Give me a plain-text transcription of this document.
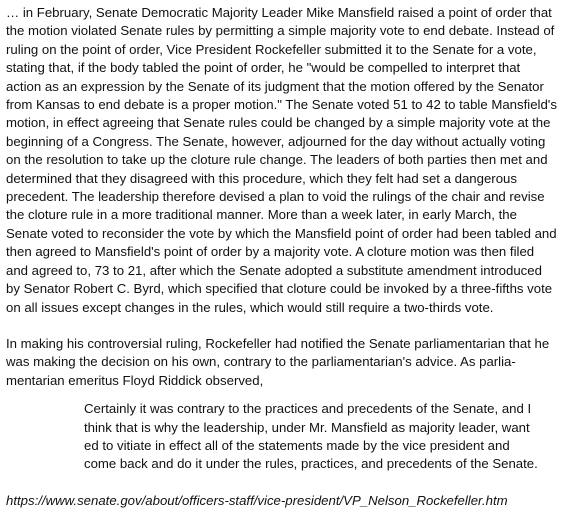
… in February, Senate Democratic Majority Leader Mike Mansfield raised a point of order that the motion violated Senate rules by permitting a simple majority vote to end debate. Instead of ruling on the point of order, Vice President Rockefeller submitted it to the Senate for a vote, stating that, if the body tabled the point of order, he "would be compelled to interpret that action as an expression by the Senate of its judgment that the motion offered by the Senator from Kansas to end debate is a proper motion." The Senate voted 51 to 42 to table Mansfield's motion, in effect agreeing that Senate rules could be changed by a simple majority vote at the beginning of a Congress. The Senate, however, adjourned for the day without actually voting on the resolution to take up the cloture rule change. The leaders of both parties then met and determined that they disagreed with this procedure, which they felt had set a dangerous precedent. The leadership therefore devised a plan to void the rulings of the chair and revise the cloture rule in a more traditional manner. More than a week later, in early March, the Senate voted to reconsider the vote by which the Mansfield point of order had been tabled and then agreed to Mansfield's point of order by a majority vote. A cloture motion was then filed and agreed to, 73 to 21, after which the Senate adopted a substitute amendment introduced by Senator Robert C. Byrd, which specified that cloture could be invoked by a three-fifths vote on all issues except changes in the rules, which would still require a two-thirds vote.

In making his controversial ruling, Rockefeller had notified the Senate parliamentarian that he was making the decision on his own, contrary to the parliamentarian's advice. As parliamentarian emeritus Floyd Riddick observed,

Certainly it was contrary to the practices and precedents of the Senate, and I think that is why the leadership, under Mr. Mansfield as majority leader, want ed to vitiate in effect all of the statements made by the vice president and come back and do it under the rules, practices, and precedents of the Senate.

https://www.senate.gov/about/officers-staff/vice-president/VP_Nelson_Rockefeller.htm
